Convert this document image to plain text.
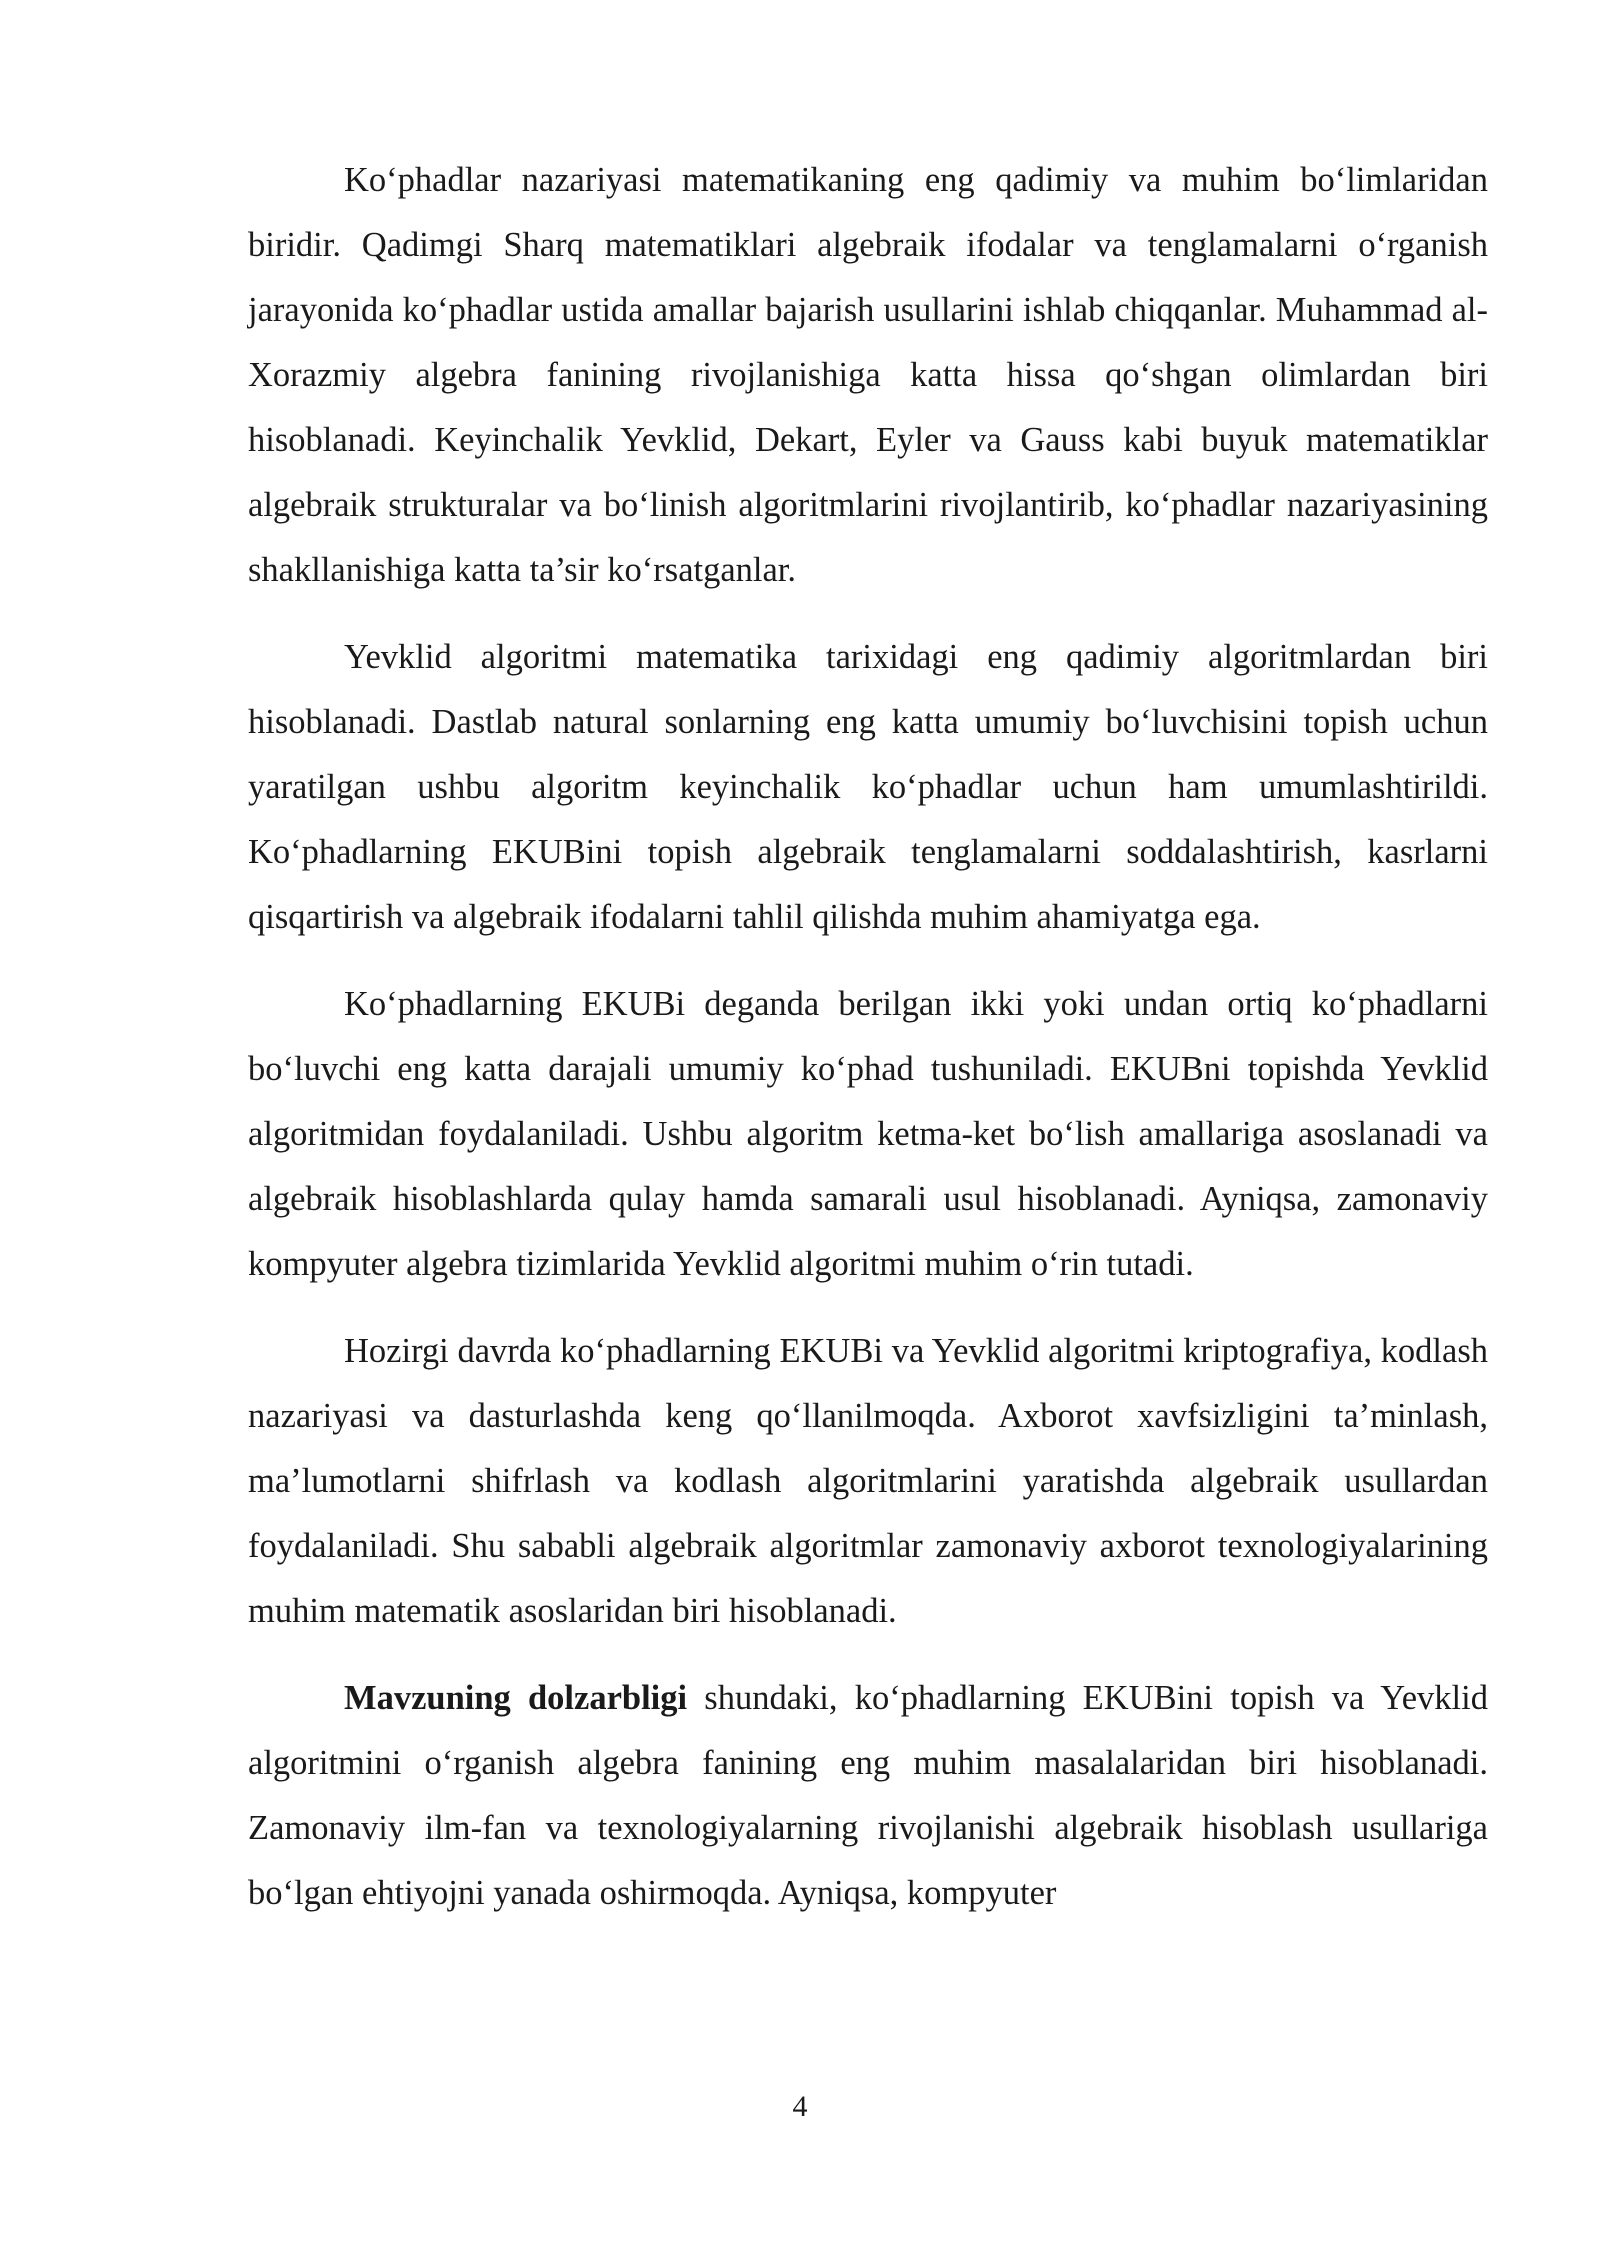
Ko‘phadlar nazariyasi matematikaning eng qadimiy va muhim bo‘limlaridan biridir. Qadimgi Sharq matematiklari algebraik ifodalar va tenglamalarni o‘rganish jarayonida ko‘phadlar ustida amallar bajarish usullarini ishlab chiqqanlar. Muhammad al-Xorazmiy algebra fanining rivojlanishiga katta hissa qo‘shgan olimlardan biri hisoblanadi. Keyinchalik Yevklid, Dekart, Eyler va Gauss kabi buyuk matematiklar algebraik strukturalar va bo‘linish algoritmlarini rivojlantirib, ko‘phadlar nazariyasining shakllanishiga katta ta’sir ko‘rsatganlar.

Yevklid algoritmi matematika tarixidagi eng qadimiy algoritmlardan biri hisoblanadi. Dastlab natural sonlarning eng katta umumiy bo‘luvchisini topish uchun yaratilgan ushbu algoritm keyinchalik ko‘phadlar uchun ham umumlashtirildi. Ko‘phadlarning EKUBini topish algebraik tenglamalarni soddalashtirish, kasrlarni qisqartirish va algebraik ifodalarni tahlil qilishda muhim ahamiyatga ega.

Ko‘phadlarning EKUBi deganda berilgan ikki yoki undan ortiq ko‘phadlarni bo‘luvchi eng katta darajali umumiy ko‘phad tushuniladi. EKUBni topishda Yevklid algoritmidan foydalaniladi. Ushbu algoritm ketma-ket bo‘lish amallariga asoslanadi va algebraik hisoblashlarda qulay hamda samarali usul hisoblanadi. Ayniqsa, zamonaviy kompyuter algebra tizimlarida Yevklid algoritmi muhim o‘rin tutadi.

Hozirgi davrda ko‘phadlarning EKUBi va Yevklid algoritmi kriptografiya, kodlash nazariyasi va dasturlashda keng qo‘llanilmoqda. Axborot xavfsizligini ta’minlash, ma’lumotlarni shifrlash va kodlash algoritmlarini yaratishda algebraik usullardan foydalaniladi. Shu sababli algebraik algoritmlar zamonaviy axborot texnologiyalarining muhim matematik asoslaridan biri hisoblanadi.

Mavzuning dolzarbligi shundaki, ko‘phadlarning EKUBini topish va Yevklid algoritmini o‘rganish algebra fanining eng muhim masalalaridan biri hisoblanadi. Zamonaviy ilm-fan va texnologiyalarning rivojlanishi algebraik hisoblash usullariga bo‘lgan ehtiyojni yanada oshirmoqda. Ayniqsa, kompyuter

4
